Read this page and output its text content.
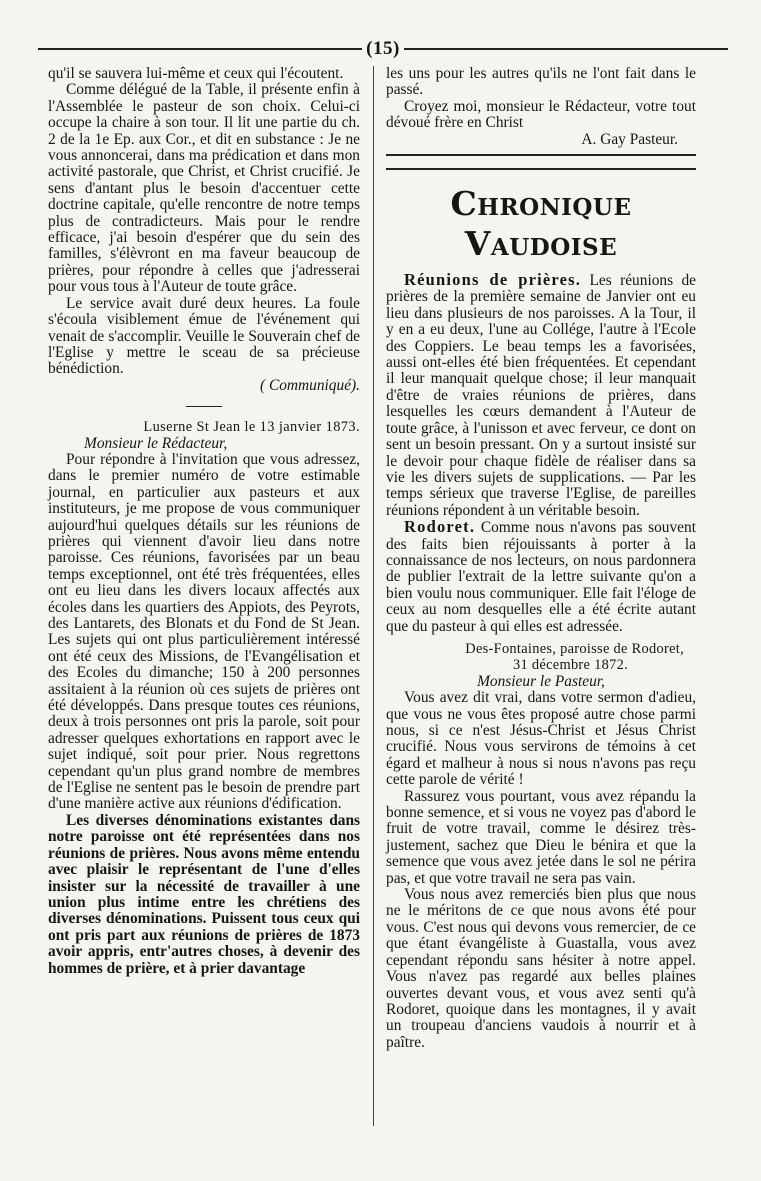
(15)

qu'il se sauvera lui-même et ceux qui l'écoutent.

Comme délégué de la Table, il présente enfin à l'Assemblée le pasteur de son choix. Celui-ci occupe la chaire à son tour. Il lit une partie du ch. 2 de la 1e Ep. aux Cor., et dit en substance : Je ne vous annoncerai, dans ma prédication et dans mon activité pastorale, que Christ, et Christ crucifié. Je sens d'antant plus le besoin d'accentuer cette doctrine capitale, qu'elle rencontre de notre temps plus de contradicteurs. Mais pour le rendre efficace, j'ai besoin d'espérer que du sein des familles, s'élèvront en ma faveur beaucoup de prières, pour répondre à celles que j'adresserai pour vous tous à l'Auteur de toute grâce.

Le service avait duré deux heures. La foule s'écoula visiblement émue de l'événement qui venait de s'accomplir. Veuille le Souverain chef de l'Eglise y mettre le sceau de sa précieuse bénédiction.

( Communiqué).

Luserne St Jean le 13 janvier 1873.

Monsieur le Rédacteur,

Pour répondre à l'invitation que vous adressez, dans le premier numéro de votre estimable journal, en particulier aux pasteurs et aux instituteurs, je me propose de vous communiquer aujourd'hui quelques détails sur les réunions de prières qui viennent d'avoir lieu dans notre paroisse. Ces réunions, favorisées par un beau temps exceptionnel, ont été très fréquentées, elles ont eu lieu dans les divers locaux affectés aux écoles dans les quartiers des Appiots, des Peyrots, des Lantarets, des Blonats et du Fond de St Jean. Les sujets qui ont plus particulièrement intéressé ont été ceux des Missions, de l'Evangélisation et des Ecoles du dimanche; 150 à 200 personnes assitaient à la réunion où ces sujets de prières ont été développés. Dans presque toutes ces réunions, deux à trois personnes ont pris la parole, soit pour adresser quelques exhortations en rapport avec le sujet indiqué, soit pour prier. Nous regrettons cependant qu'un plus grand nombre de membres de l'Eglise ne sentent pas le besoin de prendre part d'une manière active aux réunions d'édification.

Les diverses dénominations existantes dans notre paroisse ont été représentées dans nos réunions de prières. Nous avons même entendu avec plaisir le représentant de l'une d'elles insister sur la nécessité de travailler à une union plus intime entre les chrétiens des diverses dénominations. Puissent tous ceux qui ont pris part aux réunions de prières de 1873 avoir appris, entr'autres choses, à devenir des hommes de prière, et à prier davantage

les uns pour les autres qu'ils ne l'ont fait dans le passé.

Croyez moi, monsieur le Rédacteur, votre tout dévoué frère en Christ

A. Gay Pasteur.

Chronique Vaudoise

Réunions de prières. Les réunions de prières de la première semaine de Janvier ont eu lieu dans plusieurs de nos paroisses. A la Tour, il y en a eu deux, l'une au Collége, l'autre à l'Ecole des Coppiers. Le beau temps les a favorisées, aussi ont-elles été bien fréquentées. Et cependant il leur manquait quelque chose; il leur manquait d'être de vraies réunions de prières, dans lesquelles les cœurs demandent à l'Auteur de toute grâce, à l'unisson et avec ferveur, ce dont on sent un besoin pressant. On y a surtout insisté sur le devoir pour chaque fidèle de réaliser dans sa vie les divers sujets de supplications. — Par les temps sérieux que traverse l'Eglise, de pareilles réunions répondent à un véritable besoin.

Rodoret. Comme nous n'avons pas souvent des faits bien réjouissants à porter à la connaissance de nos lecteurs, on nous pardonnera de publier l'extrait de la lettre suivante qu'on a bien voulu nous communiquer. Elle fait l'éloge de ceux au nom desquelles elle a été écrite autant que du pasteur à qui elles est adressée.

Des-Fontaines, paroisse de Rodoret,

31 décembre 1872.

Monsieur le Pasteur,

Vous avez dit vrai, dans votre sermon d'adieu, que vous ne vous êtes proposé autre chose parmi nous, si ce n'est Jésus-Christ et Jésus Christ crucifié. Nous vous servirons de témoins à cet égard et malheur à nous si nous n'avons pas reçu cette parole de vérité !

Rassurez vous pourtant, vous avez répandu la bonne semence, et si vous ne voyez pas d'abord le fruit de votre travail, comme le désirez très-justement, sachez que Dieu le bénira et que la semence que vous avez jetée dans le sol ne périra pas, et que votre travail ne sera pas vain.

Vous nous avez remerciés bien plus que nous ne le méritons de ce que nous avons été pour vous. C'est nous qui devons vous remercier, de ce que étant évangéliste à Guastalla, vous avez cependant répondu sans hésiter à notre appel. Vous n'avez pas regardé aux belles plaines ouvertes devant vous, et vous avez senti qu'à Rodoret, quoique dans les montagnes, il y avait un troupeau d'anciens vaudois à nourrir et à paître.
